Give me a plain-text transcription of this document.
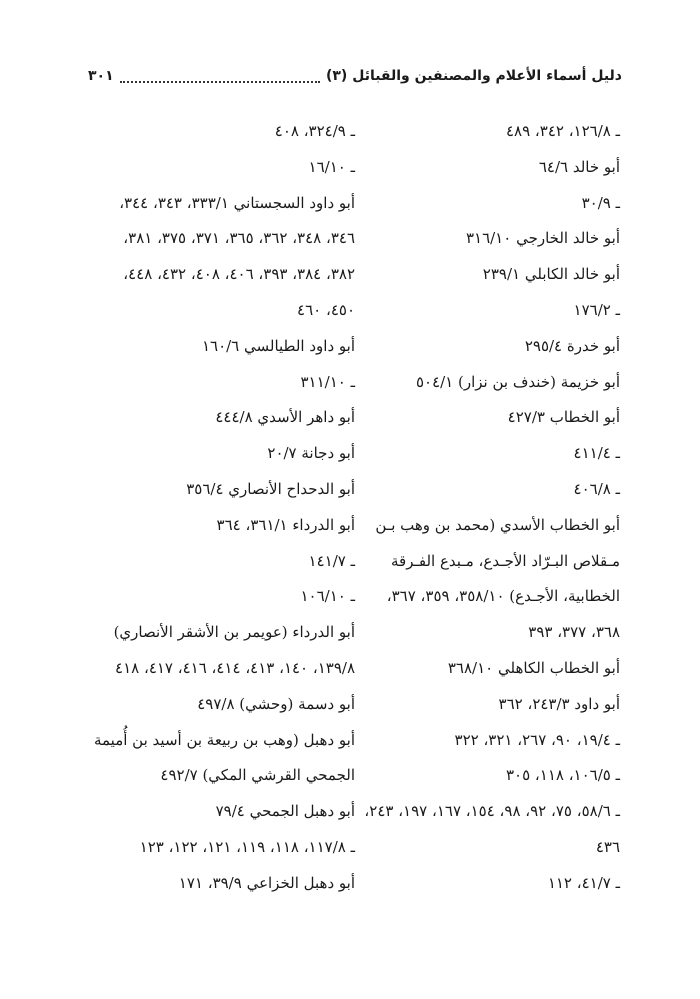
دليل أسماء الأعلام والمصنفين والقبائل (٣)
٣٠١
ـ ١٢٦/٨، ٣٤٢، ٤٨٩
أبو خالد ٦٤/٦
ـ ٣٠/٩
أبو خالد الخارجي ٣١٦/١٠
أبو خالد الكابلي ٢٣٩/١
ـ ١٧٦/٢
أبو خدرة ٢٩٥/٤
أبو خزيمة (خندف بن نزار) ٥٠٤/١
أبو الخطاب ٤٢٧/٣
ـ ٤١١/٤
ـ ٤٠٦/٨
أبو الخطاب الأسدي (محمد بن وهب بـن
مـقلاص البـرّاد الأجـدع، مـبدع الفـرقة
الخطابية، الأجـدع) ٣٥٨/١٠، ٣٥٩، ٣٦٧،
٣٦٨، ٣٧٧، ٣٩٣
أبو الخطاب الكاهلي ٣٦٨/١٠
أبو داود ٢٤٣/٣، ٣٦٢
ـ ١٩/٤، ٩٠، ٢٦٧، ٣٢١، ٣٢٢
ـ ١٠٦/٥، ١١٨، ٣٠٥
ـ ٥٨/٦، ٧٥، ٩٢، ٩٨، ١٥٤، ١٦٧، ١٩٧، ٢٤٣،
٤٣٦
ـ ٤١/٧، ١١٢
ـ ٣٢٤/٩، ٤٠٨
ـ ١٦/١٠
أبو داود السجستاني ٣٣٣/١، ٣٤٣، ٣٤٤،
٣٤٦، ٣٤٨، ٣٦٢، ٣٦٥، ٣٧١، ٣٧٥، ٣٨١،
٣٨٢، ٣٨٤، ٣٩٣، ٤٠٦، ٤٠٨، ٤٣٢، ٤٤٨،
٤٥٠، ٤٦٠
أبو داود الطيالسي ١٦٠/٦
ـ ٣١١/١٠
أبو داهر الأسدي ٤٤٤/٨
أبو دجانة ٢٠/٧
أبو الدحداح الأنصاري ٣٥٦/٤
أبو الدرداء ٣٦١/١، ٣٦٤
ـ ١٤١/٧
ـ ١٠٦/١٠
أبو الدرداء (عويمر بن الأشقر الأنصاري)
١٣٩/٨، ١٤٠، ٤١٣، ٤١٤، ٤١٦، ٤١٧، ٤١٨
أبو دسمة (وحشي) ٤٩٧/٨
أبو دهبل (وهب بن ربيعة بن أسيد بن أُميمة
الجمحي القرشي المكي) ٤٩٢/٧
أبو دهبل الجمحي ٧٩/٤
ـ ١١٧/٨، ١١٨، ١١٩، ١٢١، ١٢٢، ١٢٣
أبو دهبل الخزاعي ٣٩/٩، ١٧١
